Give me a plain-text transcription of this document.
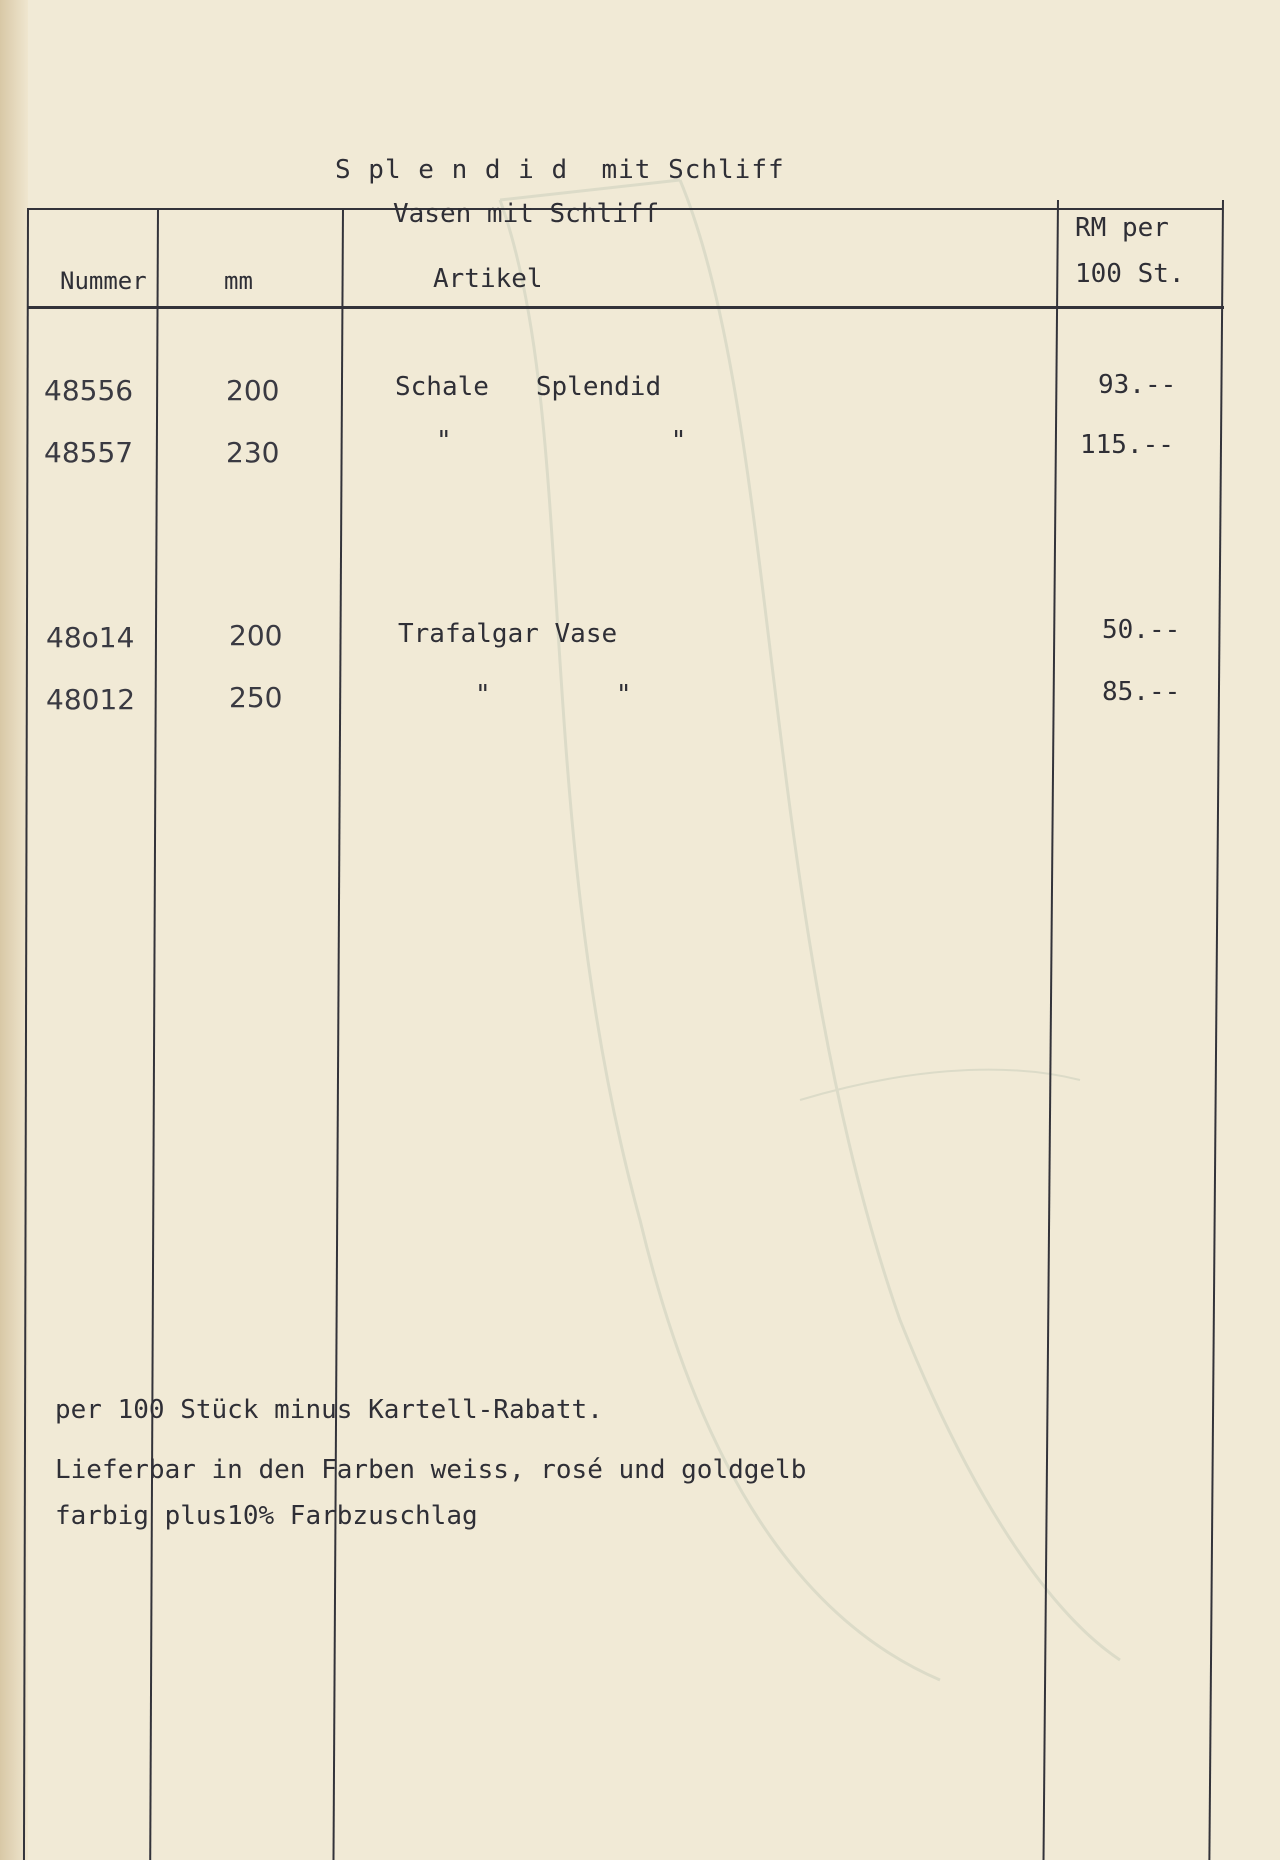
S pl e n d i d  mit Schliff
Vasen mit Schliff	RM per
100 St.
Nummer	mm	Artikel
48556	200	Schale   Splendid	93.--
48557	230	"              "	115.--
48o14	200	Trafalgar Vase	50.--
48012	250	"        "	85.--
per 100 Stück minus Kartell-Rabatt.
Lieferbar in den Farben weiss, rosé und goldgelb
farbig plus10% Farbzuschlag
